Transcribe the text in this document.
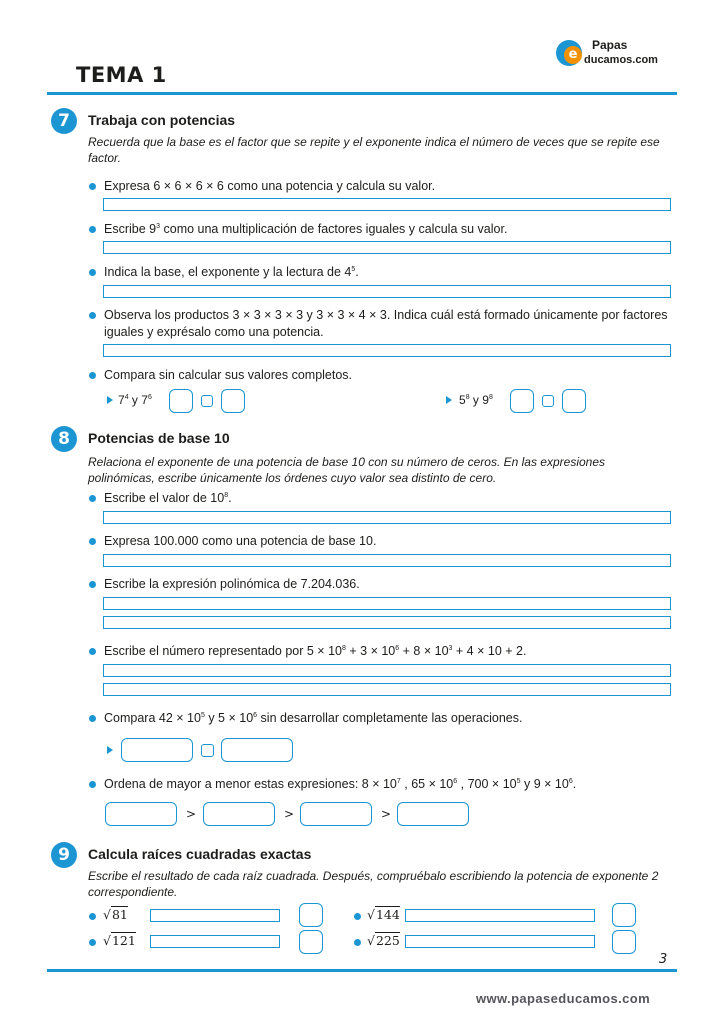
TEMA 1
e
Papas
ducamos.com
7	Trabaja con potencias
Recuerda que la base es el factor que se repite y el exponente indica el número de veces que se repite ese factor.
Expresa 6 × 6 × 6 × 6 como una potencia y calcula su valor.
Escribe $9^3$ como una multiplicación de factores iguales y calcula su valor.
Indica la base, el exponente y la lectura de $4^5$.
Observa los productos 3 × 3 × 3 × 3 y 3 × 3 × 4 × 3. Indica cuál está formado únicamente por factores iguales y exprésalo como una potencia.
Compara sin calcular sus valores completos.
$7^4$ y $7^6$	$5^8$ y $9^8$
8	Potencias de base 10
Relaciona el exponente de una potencia de base 10 con su número de ceros. En las expresiones polinómicas, escribe únicamente los órdenes cuyo valor sea distinto de cero.
Escribe el valor de $10^8$.
Expresa 100.000 como una potencia de base 10.
Escribe la expresión polinómica de 7.204.036.
Escribe el número representado por $5 \times 10^8 + 3 \times 10^6 + 8 \times 10^3 + 4 \times 10 + 2$.
Compara $42 \times 10^5$ y $5 \times 10^6$ sin desarrollar completamente las operaciones.
Ordena de mayor a menor estas expresiones: $8 \times 10^7$ , $65 \times 10^6$ , $700 \times 10^5$ y $9 \times 10^6$.
>	>	>
9	Calcula raíces cuadradas exactas
Escribe el resultado de cada raíz cuadrada. Después, compruébalo escribiendo la potencia de exponente 2 correspondiente.
√81	√144
√121	√225
3
www.papaseducamos.com
